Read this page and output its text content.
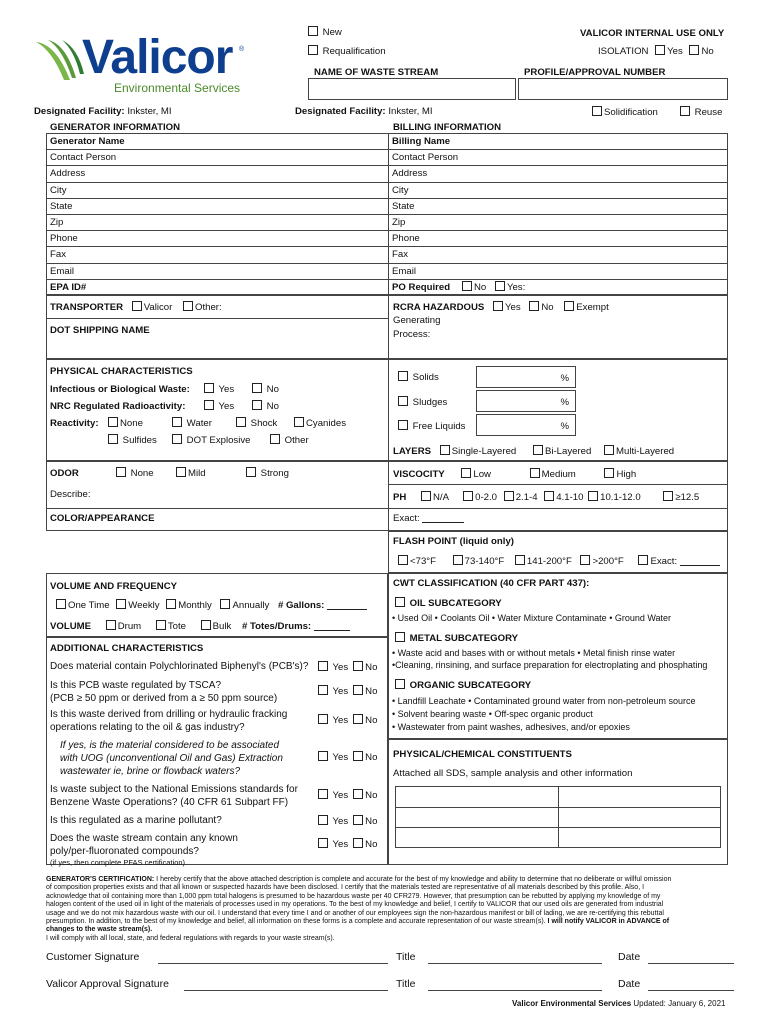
Valicor ®
Environmental Services
New
Requalification
VALICOR INTERNAL USE ONLY
ISOLATION Yes No
NAME OF WASTE STREAM	PROFILE/APPROVAL NUMBER
Designated Facility: Inkster, MI	Designated Facility: Inkster, MI	Solidification	Reuse
GENERATOR INFORMATION	BILLING INFORMATION
Generator Name
Contact Person
Address
City
State
Zip
Phone
Fax
Email
EPA ID#
Billing Name
Contact Person
Address
City
State
Zip
Phone
Fax
Email
PO Required	No Yes:
TRANSPORTER Valicor Other:
DOT SHIPPING NAME
RCRA HAZARDOUS Yes No Exempt
Generating
Process:
PHYSICAL CHARACTERISTICS
Infectious or Biological Waste:	Yes	No
NRC Regulated Radioactivity:	Yes	No
Reactivity:	None	Water	Shock	Cyanides
Sulfides	DOT Explosive	Other
Solids	%
Sludges	%
Free Liquids	%
LAYERS Single-Layered	Bi-Layered	Multi-Layered
ODOR	None	Mild	Strong
Describe:
COLOR/APPEARANCE
VISCOCITY	Low	Medium	High
PH	N/A	0-2.0 2.1-4 4.1-10 10.1-12.0	≥12.5
Exact:
FLASH POINT (liquid only)
<73°F	73-140°F 141-200°F >200°F	Exact:
VOLUME AND FREQUENCY
One Time Weekly Monthly Annually # Gallons:
VOLUME	Drum	Tote	Bulk # Totes/Drums:
CWT CLASSIFICATION (40 CFR PART 437):
OIL SUBCATEGORY
• Used Oil • Coolants Oil • Water Mixture Contaminate • Ground Water
METAL SUBCATEGORY
• Waste acid and bases with or without metals • Metal finish rinse water
•Cleaning, rinsining, and surface preparation for electroplating and phosphating
ORGANIC SUBCATEGORY
• Landfill Leachate • Contaminated ground water from non-petroleum source
• Solvent bearing waste • Off-spec organic product
• Wastewater from paint washes, adhesives, and/or epoxies
PHYSICAL/CHEMICAL CONSTITUENTS
Attached all SDS, sample analysis and other information
ADDITIONAL CHARACTERISTICS
Does material contain Polychlorinated Biphenyl's (PCB's)?	Yes No
Is this PCB waste regulated by TSCA?
(PCB ≥ 50 ppm or derived from a ≥ 50 ppm source)
Yes No
Is this waste derived from drilling or hydraulic fracking
operations relating to the oil & gas industry?
Yes No
If yes, is the material considered to be associated
with UOG (unconventional Oil and Gas) Extraction
wastewater ie, brine or flowback waters?
Yes No
Is waste subject to the National Emissions standards for
Benzene Waste Operations? (40 CFR 61 Subpart FF)
Yes No
Is this regulated as a marine pollutant?	Yes No
Does the waste stream contain any known
poly/per-fluoronated compounds?
Yes No
(if yes, then complete PFAS certification)
GENERATOR'S CERTIFICATION: I hereby certify that the above attached description is complete and accurate for the best of my knowledge and ability to determine that no deliberate or willful omission
of composition properties exists and that all known or suspected hazards have been disclosed. I certify that the materials tested are representative of all materials described by this profile. Also, I
acknowledge that oil containing more than 1,000 ppm total halogens is presumed to be hazardous waste per 40 CFR279. However, that presumption can be rebutted by applying my knowledge of my
halogen content of the used oil in light of the materials of processes used in my operations. To the best of my knowledge and belief, I certify to VALICOR that our used oils are generated from industrial
usage and we do not mix hazardous waste with our oil. I understand that every time I and or another of our employees sign the non-hazardous manifest or bill of lading, we are re-certifying this rebuttal
presumption. In addition, to the best of my knowledge and belief, all information on these forms is a complete and accurate representation of our waste stream(s). I will notify VALICOR in ADVANCE of
changes to the waste stream(s).
I will comply with all local, state, and federal regulations with regards to your waste stream(s).
Customer Signature	Title	Date
Valicor Approval Signature	Title	Date
Valicor Environmental Services Updated: January 6, 2021
